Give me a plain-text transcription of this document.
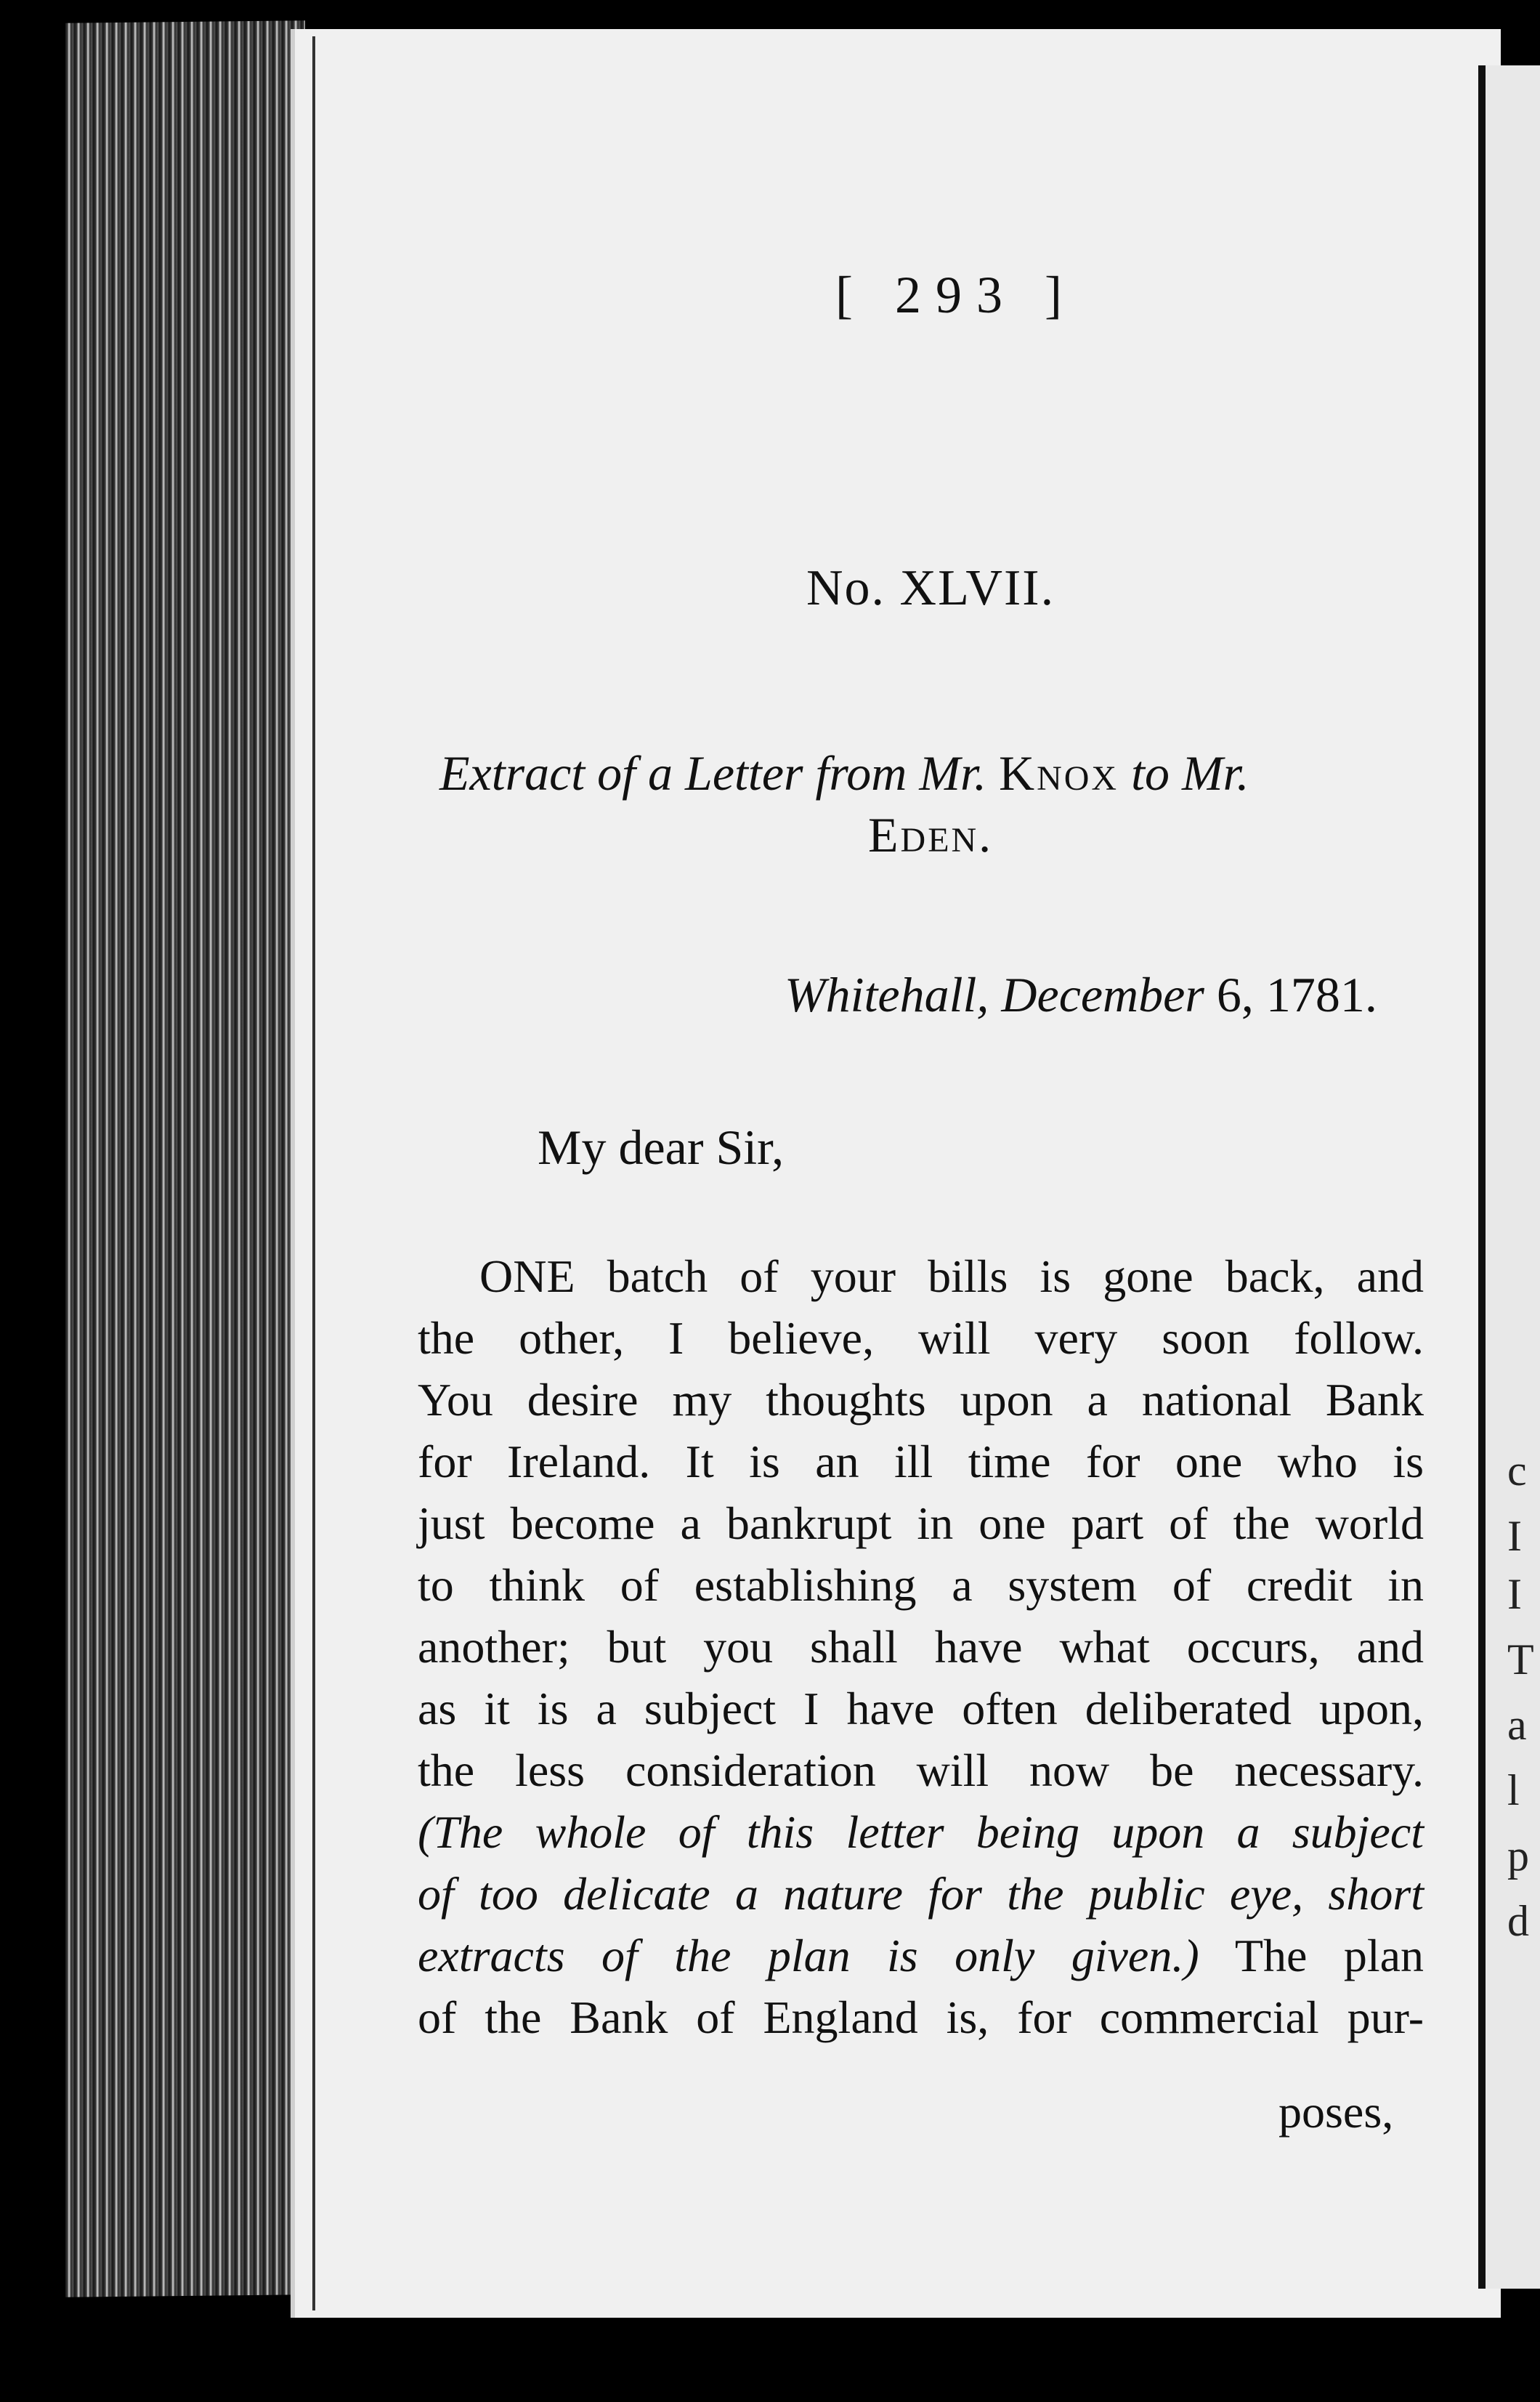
c
I
I
T
a
l
p
d
[ 293 ]
No. XLVII.
Extract of a Letter from Mr. Knox to Mr.
Eden.
Whitehall, December 6, 1781.
My dear Sir,
ONE batch of your bills is gone back, and
the other, I believe, will very soon follow.
You desire my thoughts upon a national Bank
for Ireland. It is an ill time for one who is
just become a bankrupt in one part of the world
to think of establishing a system of credit in
another; but you shall have what occurs, and
as it is a subject I have often deliberated upon,
the less consideration will now be necessary.
(The whole of this letter being upon a subject
of too delicate a nature for the public eye, short
extracts of the plan is only given.) The plan
of the Bank of England is, for commercial pur-
poses,
